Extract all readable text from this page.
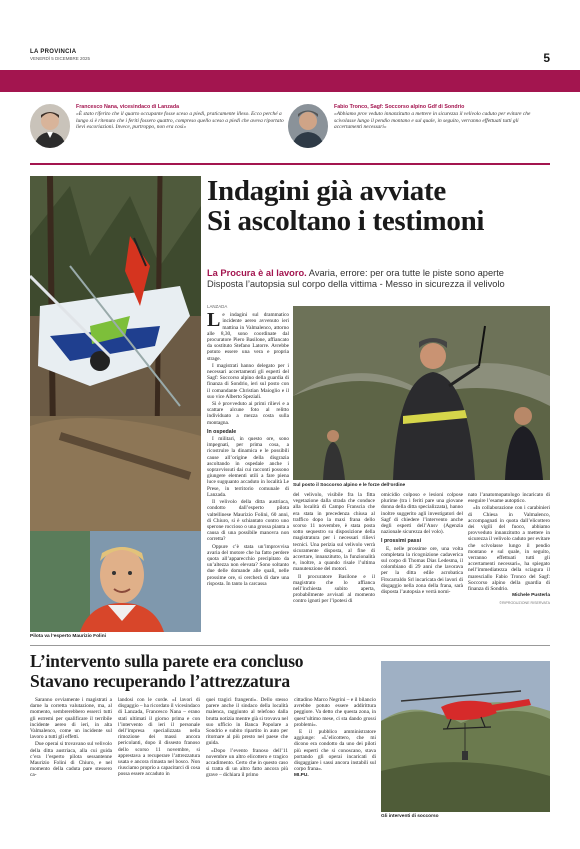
LA PROVINCIA
VENERDÌ 5 DICEMBRE 2025	5
Francesco Nana, vicesindaco di Lanzada
«È stato riferito che il quarto occupante fosse sceso a piedi, praticamente illeso. Ecco perché a lungo si è ritenuto che i feriti fossero quattro, compreso quello sceso a piedi che aveva riportato lievi escoriazioni. Invece, purtroppo, non era così»
Fabio Tronco, Sagf: Soccorso alpino Gdf di Sondrio
«Abbiamo prov veduto innanzitutto a mettere in sicurezza il velivolo caduto per evitare che scivolasse lungo il pendio montano e sul quale, in seguito, verranno effettuati tutti gli accertamenti necessari»
Pilota va l’esperto Maurizio Folini
Indagini già avviate
Si ascoltano i testimoni
La Procura è al lavoro. Avaria, errore: per ora tutte le piste sono aperte
Disposta l’autopsia sul corpo della vittima - Messo in sicurezza il velivolo
LANZADA

Le indagini sul drammatico incidente aereo avvenuto ieri mattina in Valmalenco, attorno alle 8,30, sono coordinate dal procuratore Piero Basilone, affiancato da sostituto Stefano Latorre. Avrebbe potuto essere una vera e propria strage.

I magistrati hanno delegato per i necessari accertamenti gli esperti del Sagf: Soccorso alpino della guardia di finanza di Sondrio, ieri sul posto con il comandante Christian Maioglio e il suo vice Alberto Speziali.

Si è provveduto ai primi rilievi e a scattare alcune foto al relitto individuato a mezza costa sulla montagna.

In ospedale

I militari, in questo ore, sono impegnati, per prima cosa, a ricostruire la dinamica e le possibili cause all’origine della disgrazia ascoltando in ospedale anche i sopravvissuti dai cui racconti possono giungere elementi utili a fare piena luce sugquanto accaduto in località Le Prese, in territorio comunale di Lanzada.

Il velivolo della ditta austriaca, condotto dall’esperto pilota valtellinese Maurizio Folini, 60 anni, di Chiuro, si è schiantato contro uno sperone roccioso o una grossa pianta a causa di una possibile manovra non corretta?

Oppure c’è stata un’improvvisa avaria del motore che ha fatto perdere quota all’apparecchio precipitato da un’altezza non elevata? Sono soltanto due delle domande alle quali, nelle prossime ore, si cercherà di dare una risposta. In tanto la carcassa

Sul posto il Soccorso alpino e le forze dell’ordine

del velivolo, visibile fra la fitta vegetazione dalla strada che conduce alla località di Campo Franscia che era stata in precedenza chiusa al traffico dopo la maxi frana dello scorso 11 novembre, è stata posta sotto sequestro su disposizione della magistratura per i necessari rilievi tecnici. Una perizia sul velivolo verrà sicuramente disposta, al fine di accertare, innanzitutto, la funzionalità e, inoltre, a quando risale l’ultima manutenzione del motori.

Il procuratore Basilone e il magistrato che lo affianca nell’inchiesta subito aperta, probabilmente avvisati al momento contro ignoti per l’ipotesi di

omicidio colposo e lesioni colpose plurime (tra i feriti pare una giovane donna della ditta specializzata), hanno inoltre suggerito agli investigatori del Sagf di chiedere l’intervento anche degli esperti dell’Ansv (Agenzia nazionale sicurezza del volo).

I prossimi passi

E, nelle prossime ore, una volta completata la ricognizione cadaverica sul corpo di Thomas Dias Ledesma, il colombiano di 29 anni che lavorava per la ditta edile acrobatica Fitscarraldo Srl incaricata dei lavori di disgaggio nella zona della frana, sarà disposta l’autopsia e verrà nomi-

nato l’anatomopatologo incaricato di eseguire l’esame autoptico.

«In collaborazione con i carabinieri di Chiesa in Valmalenco, accompagnati in quota dall’elicottero dei vigili del fuoco, abbiamo provveduto innanzitutto a mettere in sicurezza il velivolo caduto per evitare che scivolasse lungo il pendio montano e sul quale, in seguito, verranno effettuati tutti gli accertamenti necessari», ha spiegato nell’immediatezza della sciagura il maresciallo Fabio Tronco del Sagf: Soccorso alpino della guardia di finanza di Sondrio.

Michele Pusterla
©RIPRODUZIONE RISERVATA
L’intervento sulla parete era concluso
Stavano recuperando l’attrezzatura

Saranno ovviamente i magistrati a darne la corretta valutazione, ma, al momento, sembrerebbero esserci tutti gli estremi per qualificare il terribile incidente aereo di ieri, in alta Valmalenco, come un incidente sul lavoro a tutti gli effetti.

Due operai si trovavano sul velivolo della ditta austriaca, alla cui guida c’era l’esperto pilota sessantenne Maurizio Folini di Chiuro, e nel momento della caduta pare stessero ca-

landosi con le corde. «I lavori di disgaggio – ha ricordato il vicesindaco di Lanzada, Francesco Nana – erano stati ultimati il giorno prima e con l’intervento di ieri il personale dell’impresa specializzata nella rimozione dei massi ancora pericolanti, dopo il dissesto franoso dello scorso 11 novembre, si apprestava a recuperare l’attrezzatura usata e ancora rimasta nel bosco. Non riusciamo proprio a capacitarci di cosa possa essere accaduto in

quei tragici frangenti». Dello stesso parere anche il sindaco della località malenca, raggiunto al telefono dalla brutta notizia mentre già si trovava nel suo ufficio in Banca Popolare a Sondrio e subito ripartito in auto per ritornare al più presto nel paese che guida.

«Dopo l’evento franoso dell’11 novembre un altro elicottero e tragico accadimento. Certo che in questo caso si tratta di un altro fatto ancora più grave – dichiara il primo

cittadino Marco Negrini – e il bilancio avrebbe potuto essere addirittura peggiore. Va detto che questa zona, in quest’ultimo mese, ci sta dando grossi problemi».

E il pubblico amministratore aggiunge: «L’elicottero, che mi dicono era condotto da uno dei piloti più esperti che si conoscano, stava portando gli operai incaricati di disgaggiare i sassi ancora instabili sul corpo frana».

MI.PU.
Gli interventi di soccorso
